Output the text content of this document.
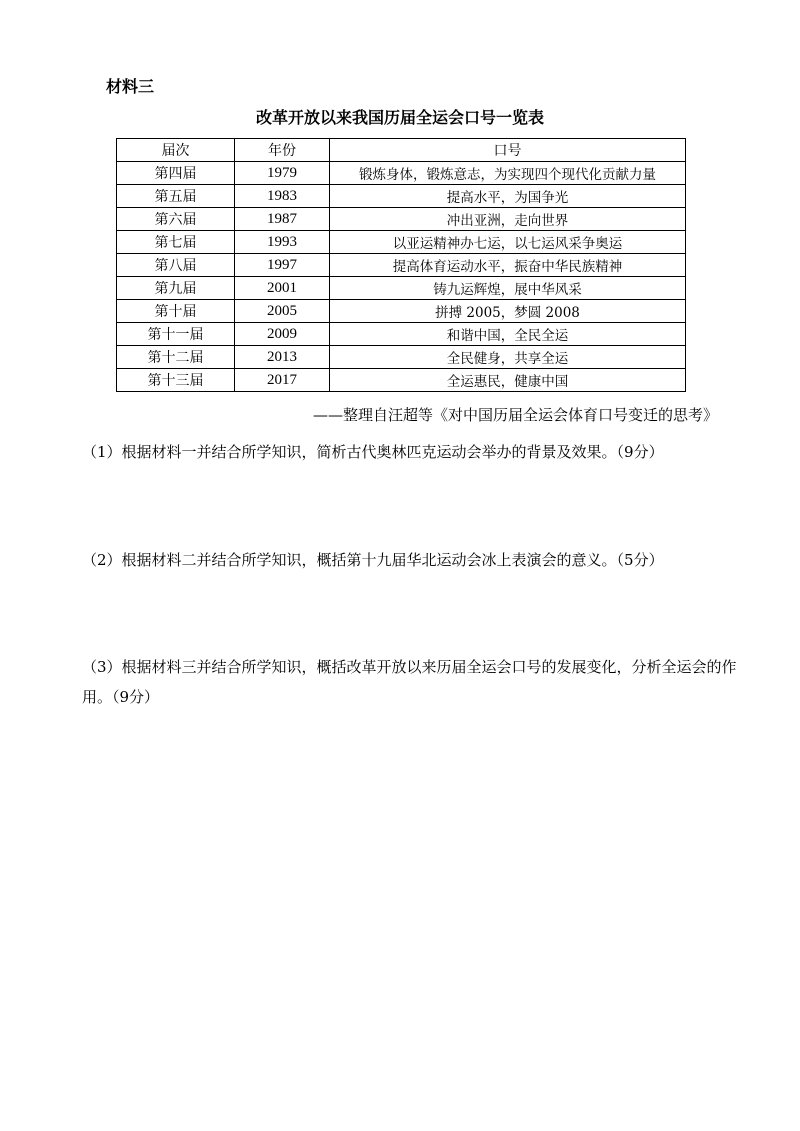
材料三
改革开放以来我国历届全运会口号一览表
届次	年份	口号
第四届	1979	锻炼身体，锻炼意志，为实现四个现代化贡献力量
第五届	1983	提高水平，为国争光
第六届	1987	冲出亚洲，走向世界
第七届	1993	以亚运精神办七运，以七运风采争奥运
第八届	1997	提高体育运动水平，振奋中华民族精神
第九届	2001	铸九运辉煌，展中华风采
第十届	2005	拼搏 2005，梦圆 2008
第十一届	2009	和谐中国，全民全运
第十二届	2013	全民健身，共享全运
第十三届	2017	全运惠民，健康中国
——整理自汪超等《对中国历届全运会体育口号变迁的思考》
（1）根据材料一并结合所学知识，简析古代奥林匹克运动会举办的背景及效果。（9分）
（2）根据材料二并结合所学知识，概括第十九届华北运动会冰上表演会的意义。（5分）
（3）根据材料三并结合所学知识，概括改革开放以来历届全运会口号的发展变化，分析全运会的作用。（9分）
